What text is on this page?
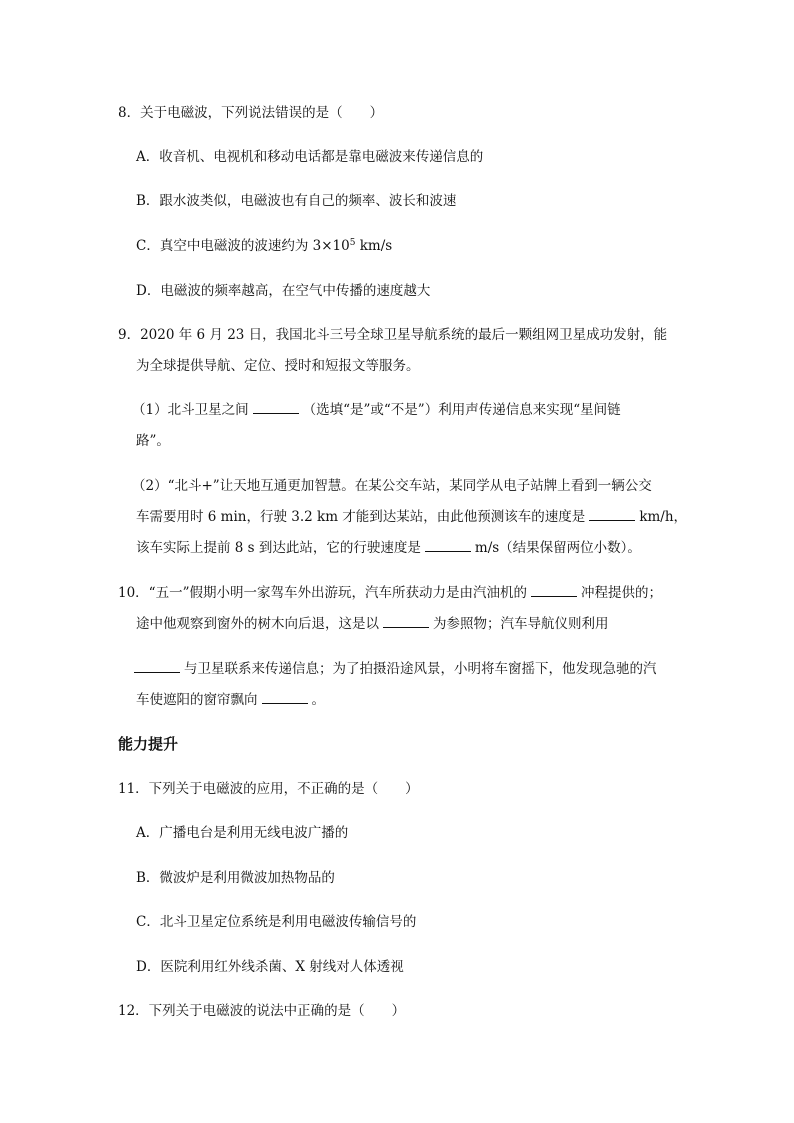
8．关于电磁波，下列说法错误的是（　　）
A．收音机、电视机和移动电话都是靠电磁波来传递信息的
B．跟水波类似，电磁波也有自己的频率、波长和波速
C．真空中电磁波的波速约为 $3\times 10^5$ km/s
D．电磁波的频率越高，在空气中传播的速度越大
9．2020 年 6 月 23 日，我国北斗三号全球卫星导航系统的最后一颗组网卫星成功发射，能
为全球提供导航、定位、授时和短报文等服务。
（1）北斗卫星之间	（选填“是”或“不是”）利用声传递信息来实现“星间链
路”。
（2）“北斗+”让天地互通更加智慧。在某公交车站，某同学从电子站牌上看到一辆公交
车需要用时 6 min，行驶 3.2 km 才能到达某站，由此他预测该车的速度是	km/h，
该车实际上提前 8 s 到达此站，它的行驶速度是	m/s（结果保留两位小数）。
10．“五一”假期小明一家驾车外出游玩，汽车所获动力是由汽油机的	冲程提供的；
途中他观察到窗外的树木向后退，这是以	为参照物；汽车导航仪则利用
与卫星联系来传递信息；为了拍摄沿途风景，小明将车窗摇下，他发现急驰的汽
车使遮阳的窗帘飘向	。
能力提升
11．下列关于电磁波的应用，不正确的是（　　）
A．广播电台是利用无线电波广播的
B．微波炉是利用微波加热物品的
C．北斗卫星定位系统是利用电磁波传输信号的
D．医院利用红外线杀菌、X 射线对人体透视
12．下列关于电磁波的说法中正确的是（　　）
